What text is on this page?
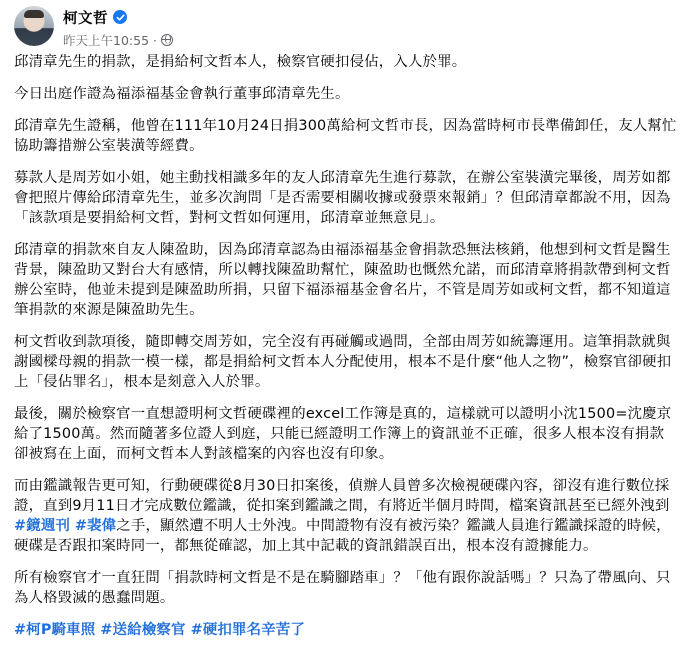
柯文哲
昨天上午10:55 ·

邱清章先生的捐款，是捐給柯文哲本人，檢察官硬扣侵佔，入人於罪。

今日出庭作證為福添福基金會執行董事邱清章先生。

邱清章先生證稱，他曾在111年10月24日捐300萬給柯文哲市長，因為當時柯市長準備卸任，友人幫忙協助籌措辦公室裝潢等經費。

募款人是周芳如小姐，她主動找相識多年的友人邱清章先生進行募款，在辦公室裝潢完畢後，周芳如都會把照片傳給邱清章先生，並多次詢問「是否需要相關收據或發票來報銷」？但邱清章都說不用，因為「該款項是要捐給柯文哲，對柯文哲如何運用，邱清章並無意見」。

邱清章的捐款來自友人陳盈助，因為邱清章認為由福添福基金會捐款恐無法核銷，他想到柯文哲是醫生背景，陳盈助又對台大有感情，所以轉找陳盈助幫忙，陳盈助也慨然允諾，而邱清章將捐款帶到柯文哲辦公室時，他並未提到是陳盈助所捐，只留下福添福基金會名片，不管是周芳如或柯文哲，都不知道這筆捐款的來源是陳盈助先生。

柯文哲收到款項後，隨即轉交周芳如，完全沒有再碰觸或過問，全部由周芳如統籌運用。這筆捐款就與謝國樑母親的捐款一模一樣，都是捐給柯文哲本人分配使用，根本不是什麼“他人之物”，檢察官卻硬扣上「侵佔罪名」，根本是刻意入人於罪。

最後，關於檢察官一直想證明柯文哲硬碟裡的excel工作簿是真的，這樣就可以證明小沈1500=沈慶京給了1500萬。然而隨著多位證人到庭，只能已經證明工作簿上的資訊並不正確，很多人根本沒有捐款卻被寫在上面，而柯文哲本人對該檔案的內容也沒有印象。

而由鑑識報告更可知，行動硬碟從8月30日扣案後，偵辦人員曾多次檢視硬碟內容，卻沒有進行數位採證，直到9月11日才完成數位鑑識，從扣案到鑑識之間，有將近半個月時間，檔案資訊甚至已經外洩到#鏡週刊 #裴偉之手，顯然遭不明人士外洩。中間證物有沒有被污染？鑑識人員進行鑑識採證的時候，硬碟是否跟扣案時同一，都無從確認，加上其中記載的資訊錯誤百出，根本沒有證據能力。

所有檢察官才一直狂問「捐款時柯文哲是不是在騎腳踏車」？「他有跟你說話嗎」？只為了帶風向、只為人格毀滅的愚蠢問題。

#柯P騎車照 #送給檢察官 #硬扣罪名辛苦了
